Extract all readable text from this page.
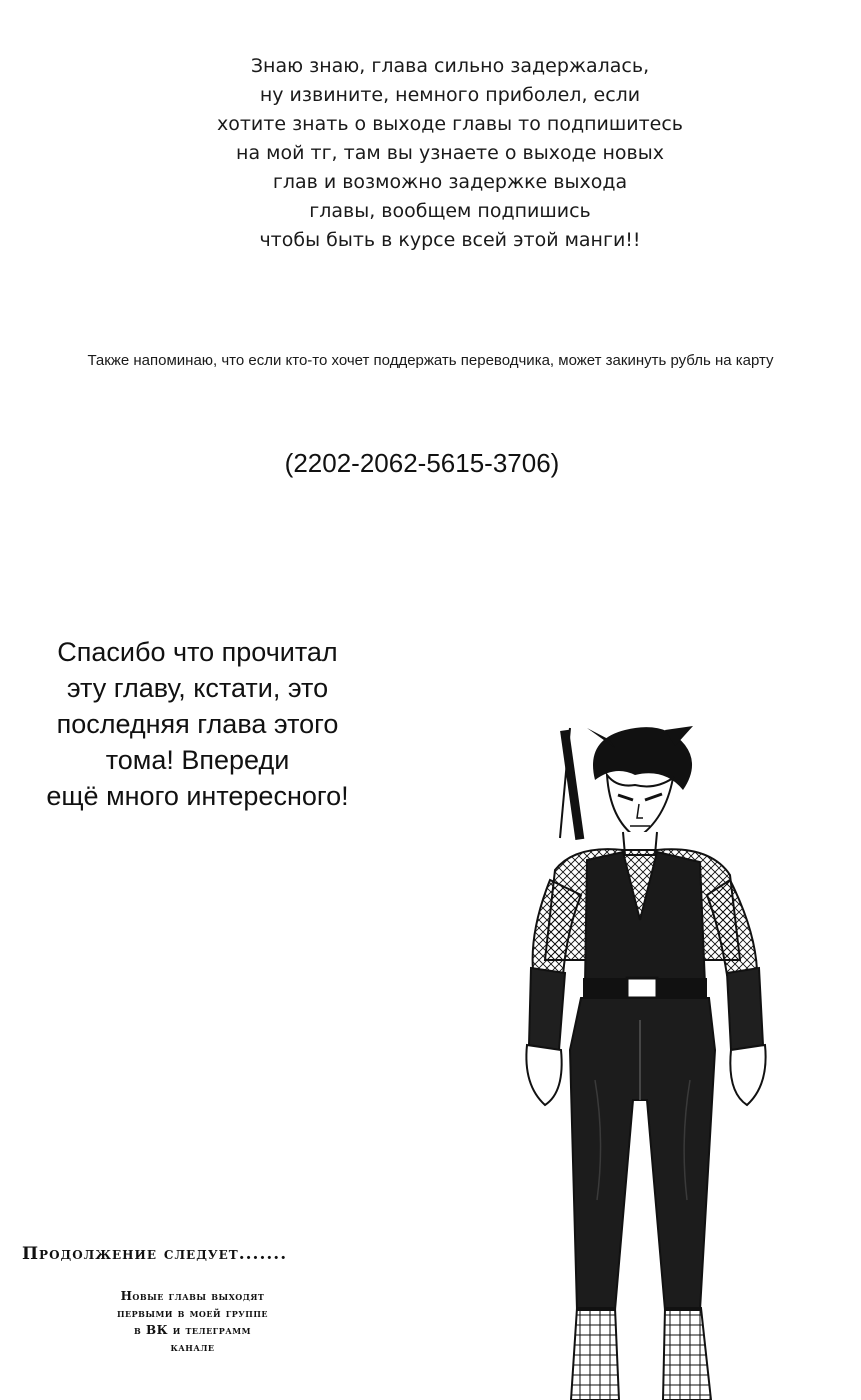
Знаю знаю, глава сильно задержалась,
ну извините, немного приболел, если
хотите знать о выходе главы то подпишитесь
на мой тг, там вы узнаете о выходе новых
глав и возможно задержке выхода
главы, вообщем подпишись
чтобы быть в курсе всей этой манги!!
Также напоминаю, что если кто-то хочет поддержать переводчика, может закинуть рубль на карту
(2202-2062-5615-3706)
Спасибо что прочитал
эту главу, кстати, это
последняя глава этого
тома! Впереди
ещё много интересного!
Продолжение следует.......
Новые главы выходят
первыми в моей группе
в ВК и телеграмм
канале
